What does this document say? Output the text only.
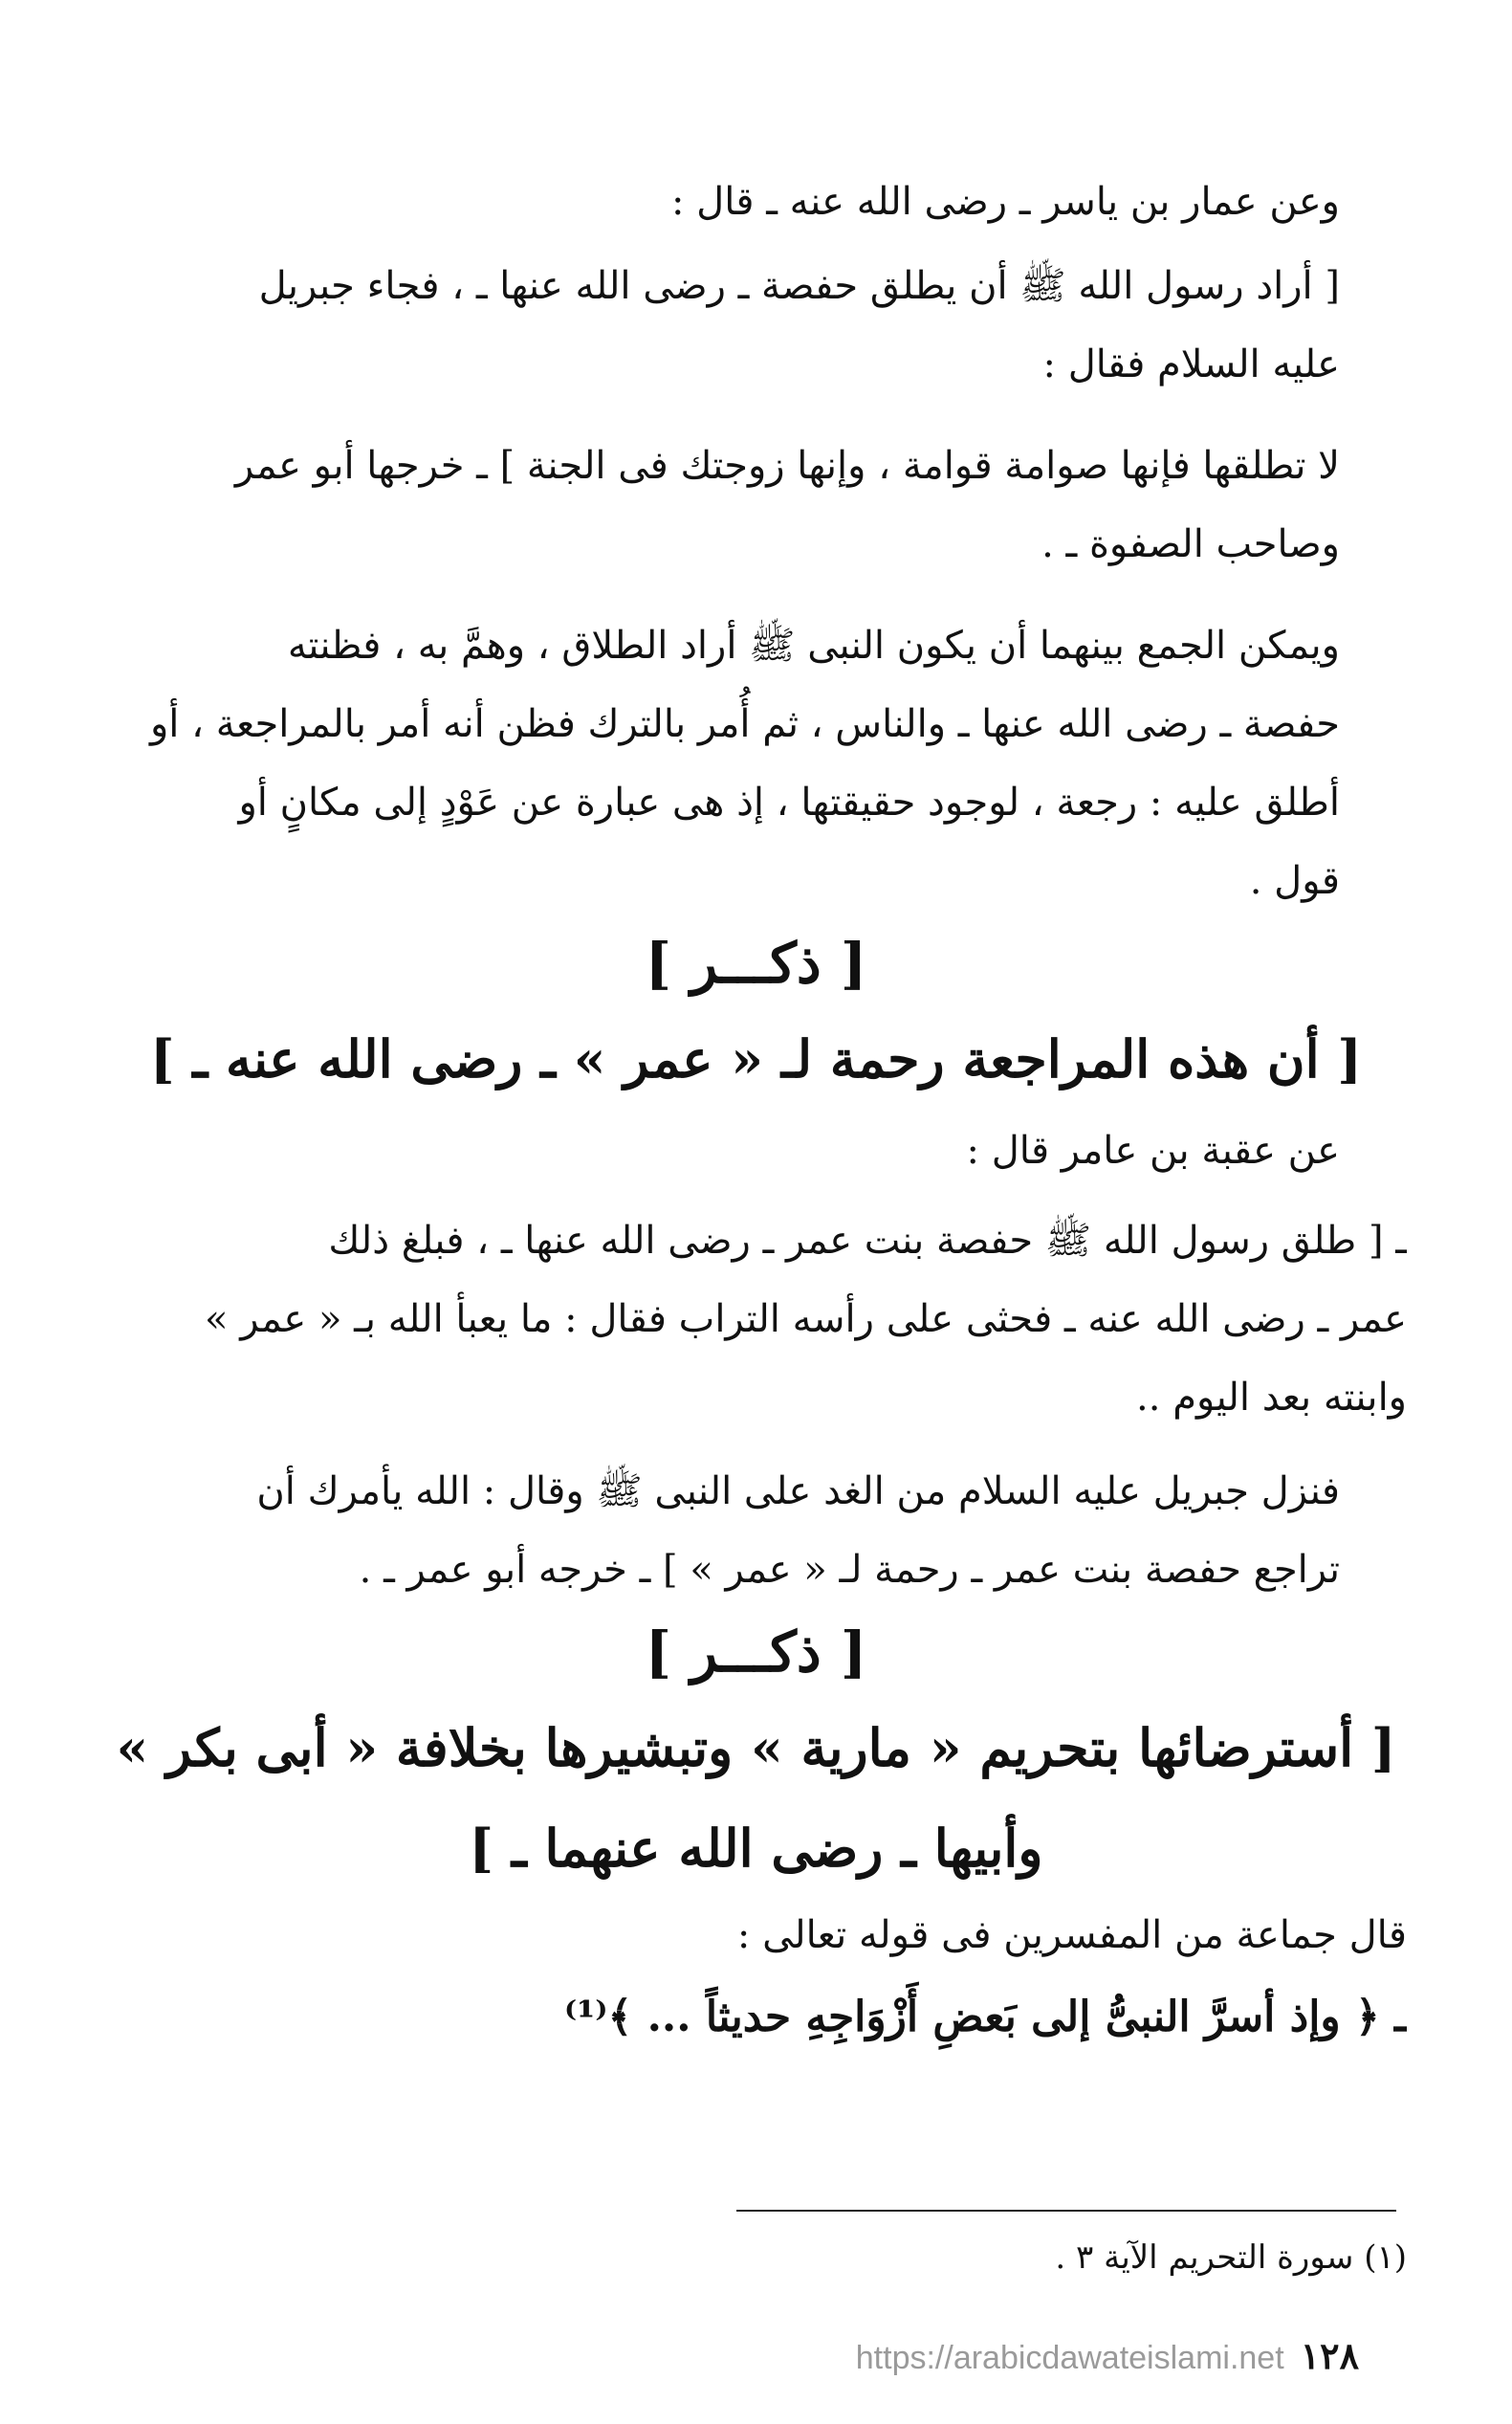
وعن عمار بن ياسر ـ رضى الله عنه ـ قال :

[ أراد رسول الله ﷺ أن يطلق حفصة ـ رضى الله عنها ـ ، فجاء جبريل
عليه السلام فقال :

لا تطلقها فإنها صوامة قوامة ، وإنها زوجتك فى الجنة ] ـ خرجها أبو عمر
وصاحب الصفوة ـ .

ويمكن الجمع بينهما أن يكون النبى ﷺ أراد الطلاق ، وهمَّ به ، فظنته
حفصة ـ رضى الله عنها ـ والناس ، ثم أُمر بالترك فظن أنه أمر بالمراجعة ، أو
أطلق عليه : رجعة ، لوجود حقيقتها ، إذ هى عبارة عن عَوْدٍ إلى مكانٍ أو
قول .

[ ذكـــر ]
[ أن هذه المراجعة رحمة لـ « عمر » ـ رضى الله عنه ـ ]

عن عقبة بن عامر قال :

ـ [ طلق رسول الله ﷺ حفصة بنت عمر ـ رضى الله عنها ـ ، فبلغ ذلك
عمر ـ رضى الله عنه ـ فحثى على رأسه التراب فقال : ما يعبأ الله بـ « عمر »
وابنته بعد اليوم ..

فنزل جبريل عليه السلام من الغد على النبى ﷺ وقال : الله يأمرك أن
تراجع حفصة بنت عمر ـ رحمة لـ « عمر » ] ـ خرجه أبو عمر ـ .

[ ذكـــر ]
[ أسترضائها بتحريم « مارية » وتبشيرها بخلافة « أبى بكر »
وأبيها ـ رضى الله عنهما ـ ]

قال جماعة من المفسرين فى قوله تعالى :

ـ ﴿ وإذ أسرَّ النبىُّ إلى بَعضِ أَزْوَاجِهِ حديثاً ... ﴾⁽¹⁾

(١) سورة التحريم الآية ٣ .
https://arabicdawateislami.net ١٢٨
